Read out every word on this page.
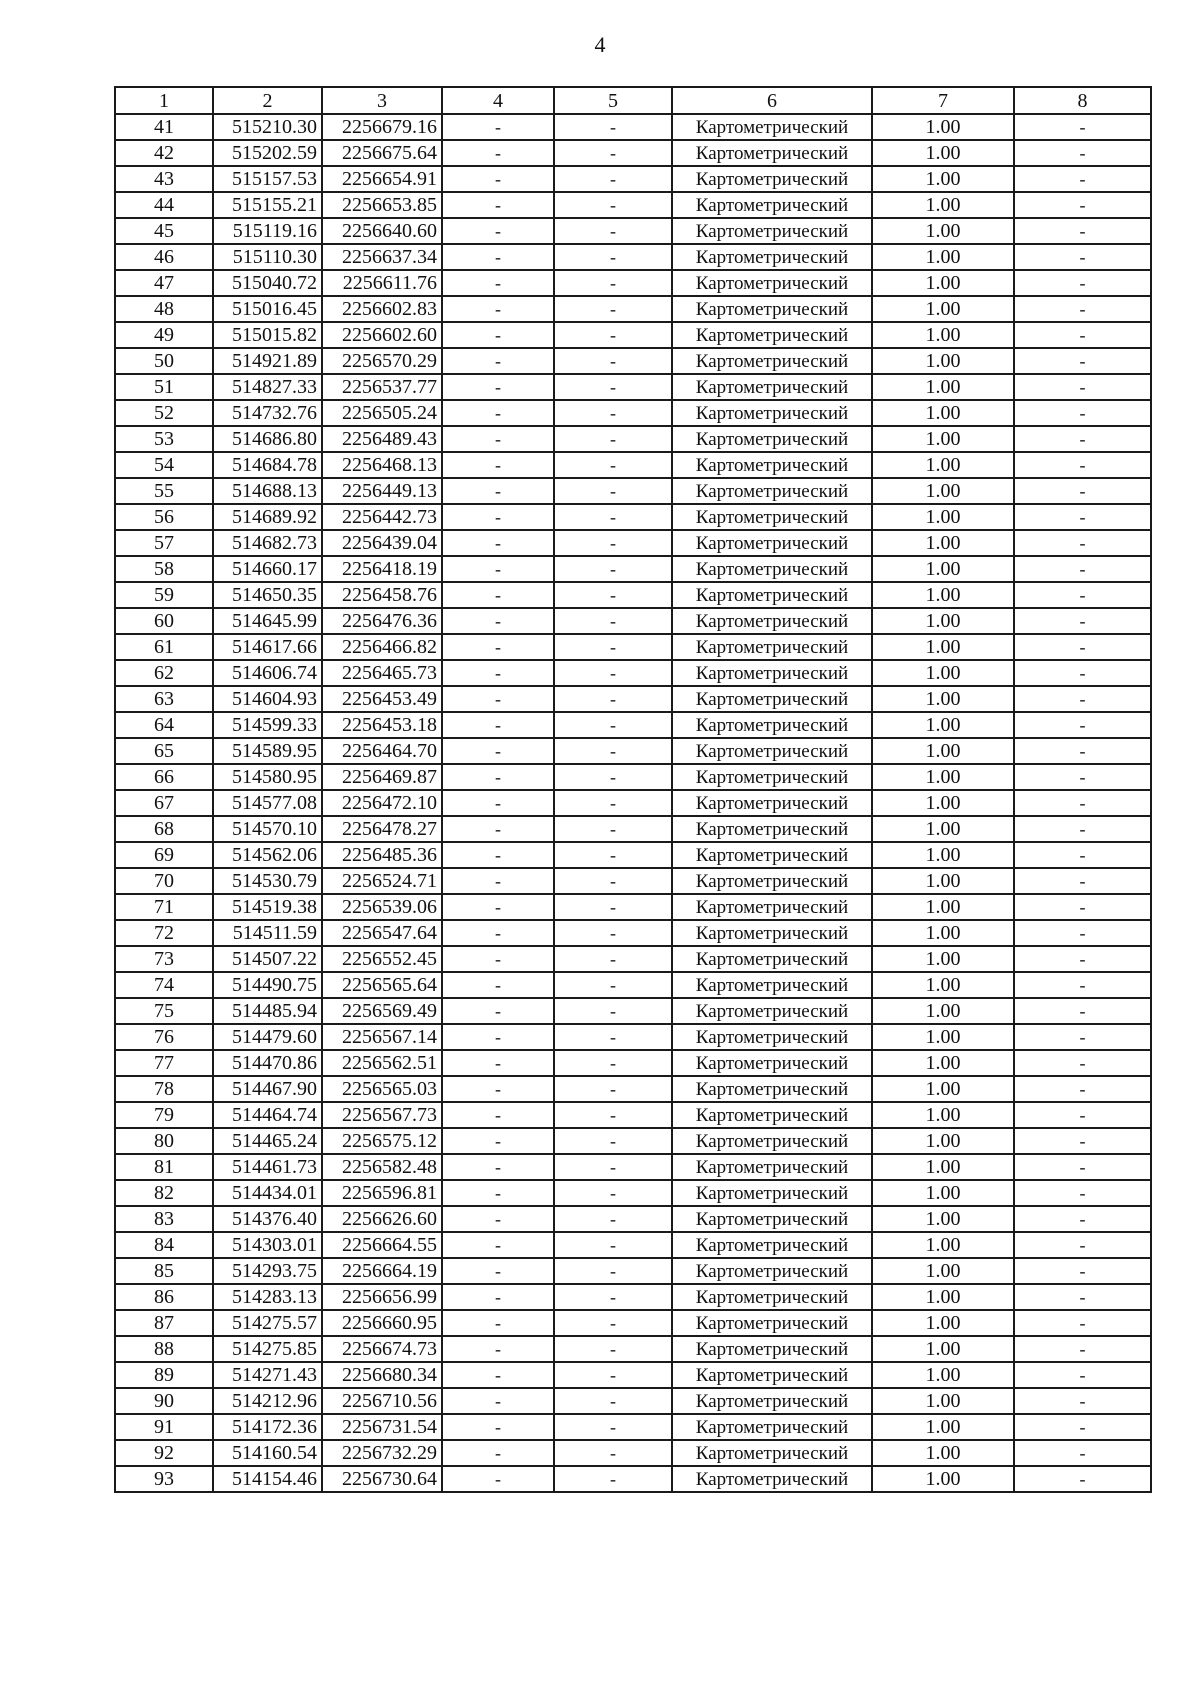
4
1	2	3	4	5	6	7	8
41	515210.30	2256679.16	-	-	Картометрический	1.00	-
42	515202.59	2256675.64	-	-	Картометрический	1.00	-
43	515157.53	2256654.91	-	-	Картометрический	1.00	-
44	515155.21	2256653.85	-	-	Картометрический	1.00	-
45	515119.16	2256640.60	-	-	Картометрический	1.00	-
46	515110.30	2256637.34	-	-	Картометрический	1.00	-
47	515040.72	2256611.76	-	-	Картометрический	1.00	-
48	515016.45	2256602.83	-	-	Картометрический	1.00	-
49	515015.82	2256602.60	-	-	Картометрический	1.00	-
50	514921.89	2256570.29	-	-	Картометрический	1.00	-
51	514827.33	2256537.77	-	-	Картометрический	1.00	-
52	514732.76	2256505.24	-	-	Картометрический	1.00	-
53	514686.80	2256489.43	-	-	Картометрический	1.00	-
54	514684.78	2256468.13	-	-	Картометрический	1.00	-
55	514688.13	2256449.13	-	-	Картометрический	1.00	-
56	514689.92	2256442.73	-	-	Картометрический	1.00	-
57	514682.73	2256439.04	-	-	Картометрический	1.00	-
58	514660.17	2256418.19	-	-	Картометрический	1.00	-
59	514650.35	2256458.76	-	-	Картометрический	1.00	-
60	514645.99	2256476.36	-	-	Картометрический	1.00	-
61	514617.66	2256466.82	-	-	Картометрический	1.00	-
62	514606.74	2256465.73	-	-	Картометрический	1.00	-
63	514604.93	2256453.49	-	-	Картометрический	1.00	-
64	514599.33	2256453.18	-	-	Картометрический	1.00	-
65	514589.95	2256464.70	-	-	Картометрический	1.00	-
66	514580.95	2256469.87	-	-	Картометрический	1.00	-
67	514577.08	2256472.10	-	-	Картометрический	1.00	-
68	514570.10	2256478.27	-	-	Картометрический	1.00	-
69	514562.06	2256485.36	-	-	Картометрический	1.00	-
70	514530.79	2256524.71	-	-	Картометрический	1.00	-
71	514519.38	2256539.06	-	-	Картометрический	1.00	-
72	514511.59	2256547.64	-	-	Картометрический	1.00	-
73	514507.22	2256552.45	-	-	Картометрический	1.00	-
74	514490.75	2256565.64	-	-	Картометрический	1.00	-
75	514485.94	2256569.49	-	-	Картометрический	1.00	-
76	514479.60	2256567.14	-	-	Картометрический	1.00	-
77	514470.86	2256562.51	-	-	Картометрический	1.00	-
78	514467.90	2256565.03	-	-	Картометрический	1.00	-
79	514464.74	2256567.73	-	-	Картометрический	1.00	-
80	514465.24	2256575.12	-	-	Картометрический	1.00	-
81	514461.73	2256582.48	-	-	Картометрический	1.00	-
82	514434.01	2256596.81	-	-	Картометрический	1.00	-
83	514376.40	2256626.60	-	-	Картометрический	1.00	-
84	514303.01	2256664.55	-	-	Картометрический	1.00	-
85	514293.75	2256664.19	-	-	Картометрический	1.00	-
86	514283.13	2256656.99	-	-	Картометрический	1.00	-
87	514275.57	2256660.95	-	-	Картометрический	1.00	-
88	514275.85	2256674.73	-	-	Картометрический	1.00	-
89	514271.43	2256680.34	-	-	Картометрический	1.00	-
90	514212.96	2256710.56	-	-	Картометрический	1.00	-
91	514172.36	2256731.54	-	-	Картометрический	1.00	-
92	514160.54	2256732.29	-	-	Картометрический	1.00	-
93	514154.46	2256730.64	-	-	Картометрический	1.00	-
